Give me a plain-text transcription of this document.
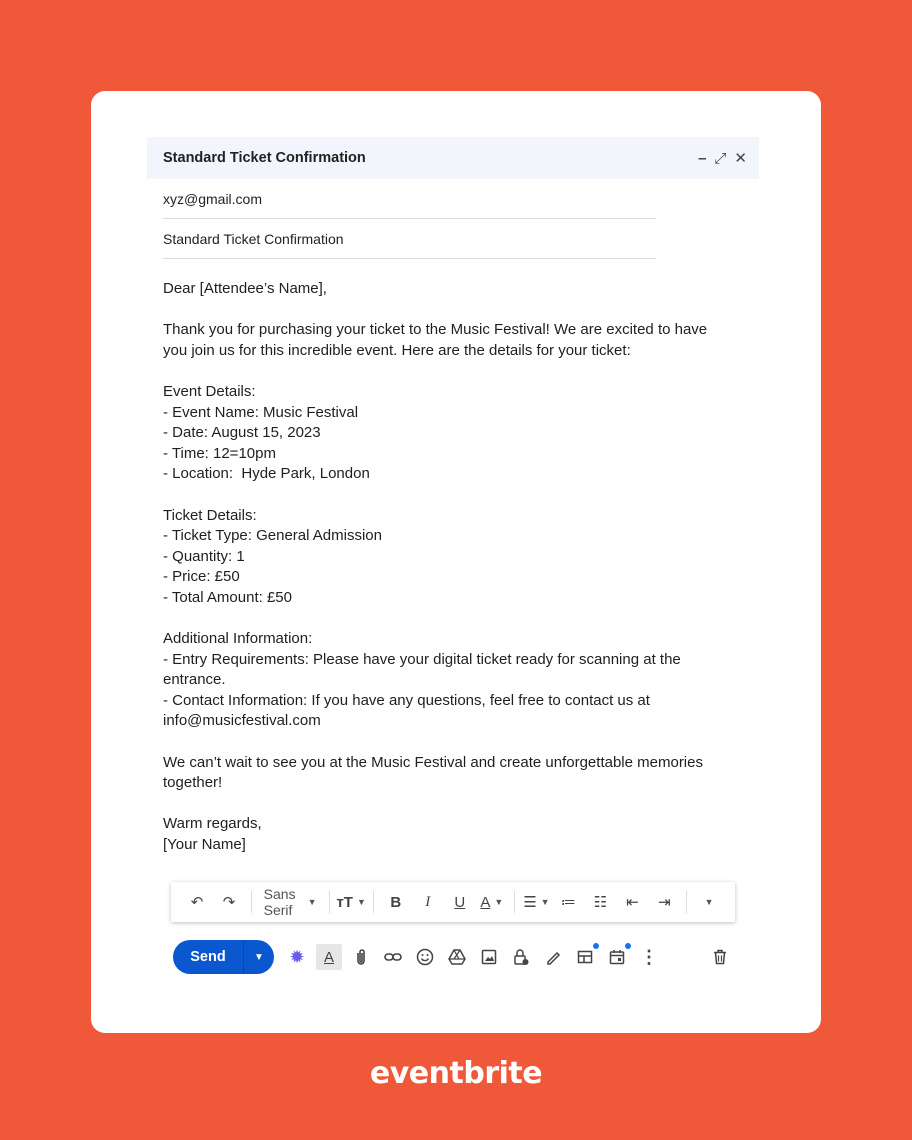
Standard Ticket Confirmation	– ⤢ ✕
xyz@gmail.com
Standard Ticket Confirmation

Dear [Attendee’s Name],

Thank you for purchasing your ticket to the Music Festival! We are excited to have you join us for this incredible event. Here are the details for your ticket:

Event Details:

- Event Name: Music Festival

- Date: August 15, 2023

- Time: 12=10pm

- Location:  Hyde Park, London

Ticket Details:

- Ticket Type: General Admission

- Quantity: 1

- Price: £50

- Total Amount: £50

Additional Information:

- Entry Requirements: Please have your digital ticket ready for scanning at the entrance.

- Contact Information: If you have any questions, feel free to contact us at info@musicfestival.com

We can’t wait to see you at the Music Festival and create unforgettable memories together!

Warm regards,

[Your Name]

↶	↷	Sans Serif	▼ тT ▼	B	I	U	A ▼ ☰ ▼ ≔	☷	⇤	⇥	▼
Send	▼	✹	A	⋮
eventbrite
